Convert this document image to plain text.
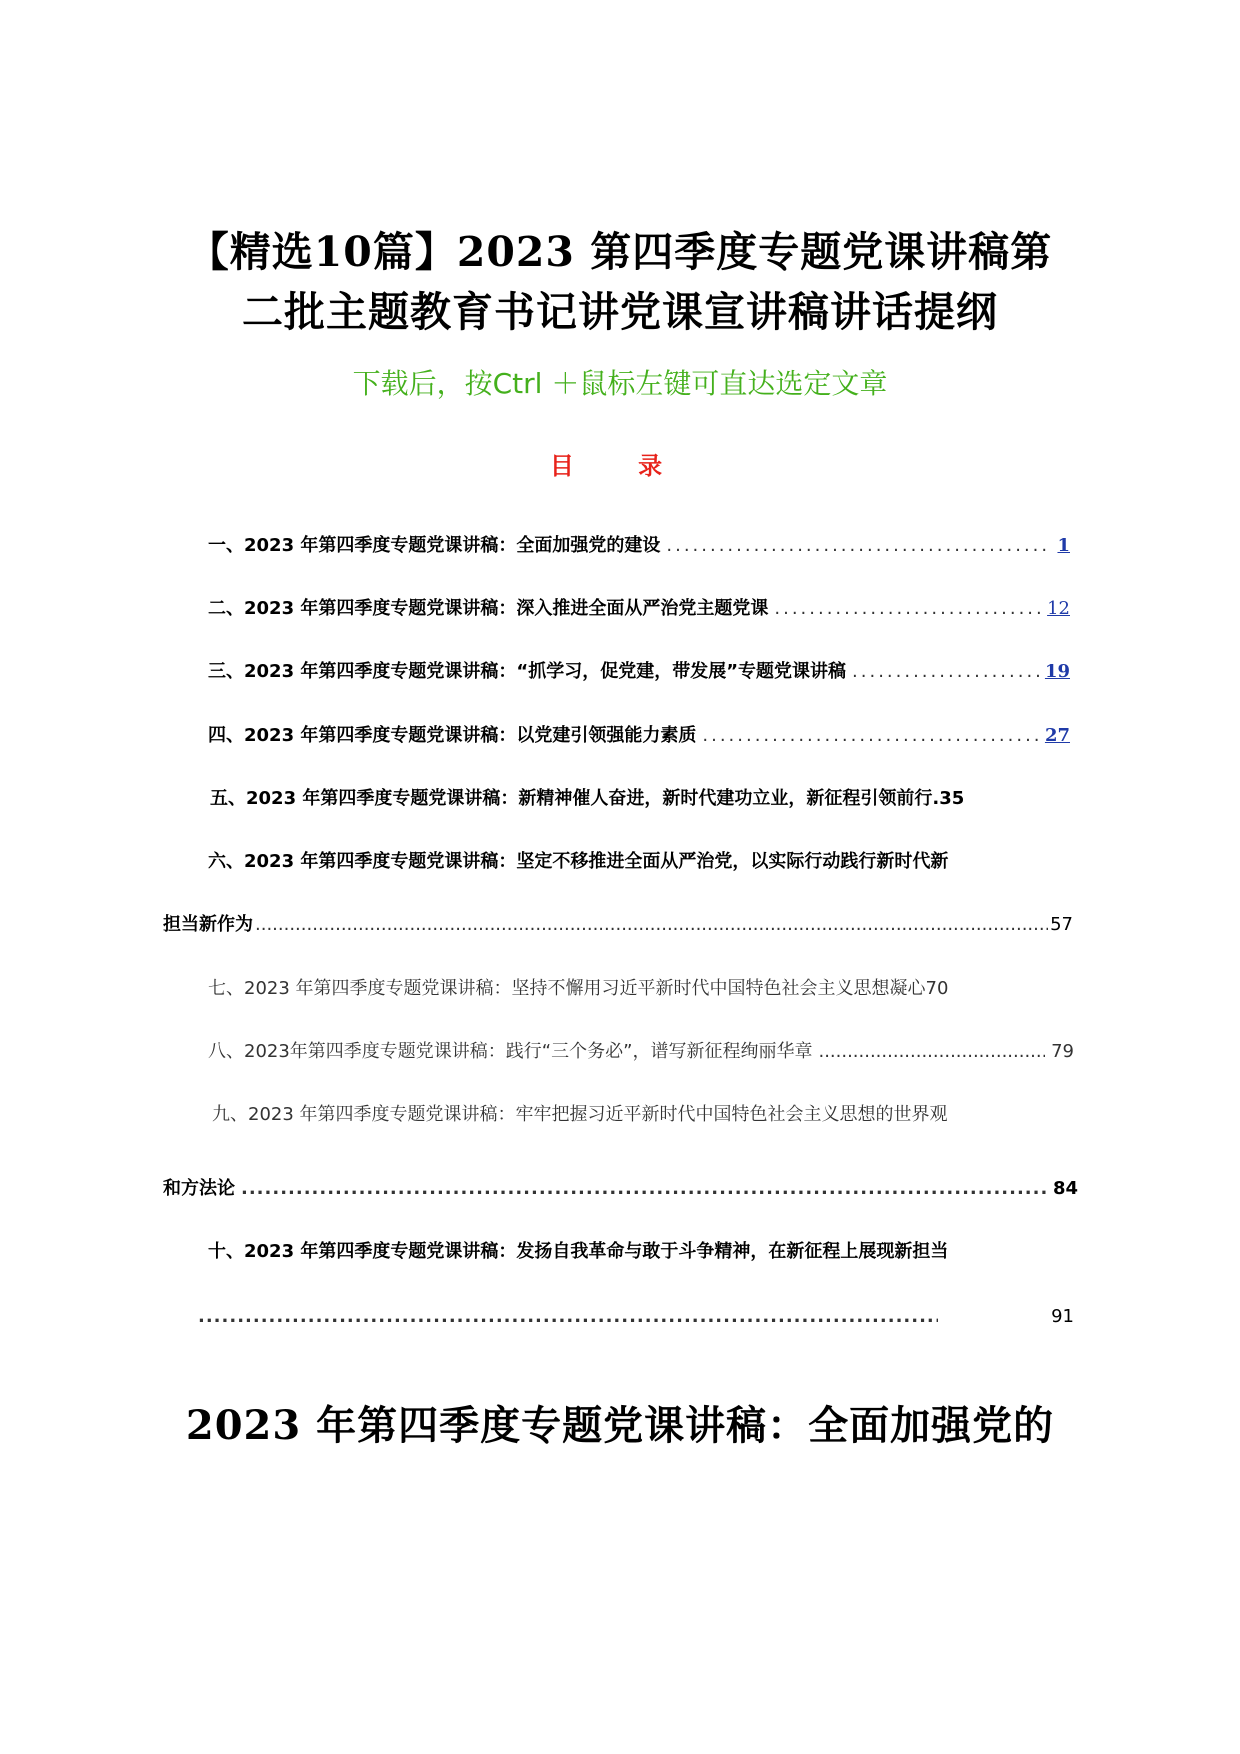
【精选10篇】2023 第四季度专题党课讲稿第
二批主题教育书记讲党课宣讲稿讲话提纲
下载后，按Ctrl ＋鼠标左键可直达选定文章
目 录
一、2023 年第四季度专题党课讲稿：全面加强党的建设 .....	1
二、2023 年第四季度专题党课讲稿：深入推进全面从严治党主题党课 .....	12
三、2023 年第四季度专题党课讲稿：“抓学习，促党建，带发展”专题党课讲稿 .....	19
四、2023 年第四季度专题党课讲稿：以党建引领强能力素质 .....	27
五、2023 年第四季度专题党课讲稿：新精神催人奋进，新时代建功立业，新征程引领前行 .35
六、2023 年第四季度专题党课讲稿：坚定不移推进全面从严治党，以实际行动践行新时代新
担当新作为 .....	57
七、2023 年第四季度专题党课讲稿：坚持不懈用习近平新时代中国特色社会主义思想凝心 70
八、2023年第四季度专题党课讲稿：践行“三个务必”，谱写新征程绚丽华章 .....	79
九、2023 年第四季度专题党课讲稿：牢牢把握习近平新时代中国特色社会主义思想的世界观
和方法论 .....	84
十、2023 年第四季度专题党课讲稿：发扬自我革命与敢于斗争精神，在新征程上展现新担当
.....
91
2023 年第四季度专题党课讲稿：全面加强党的
